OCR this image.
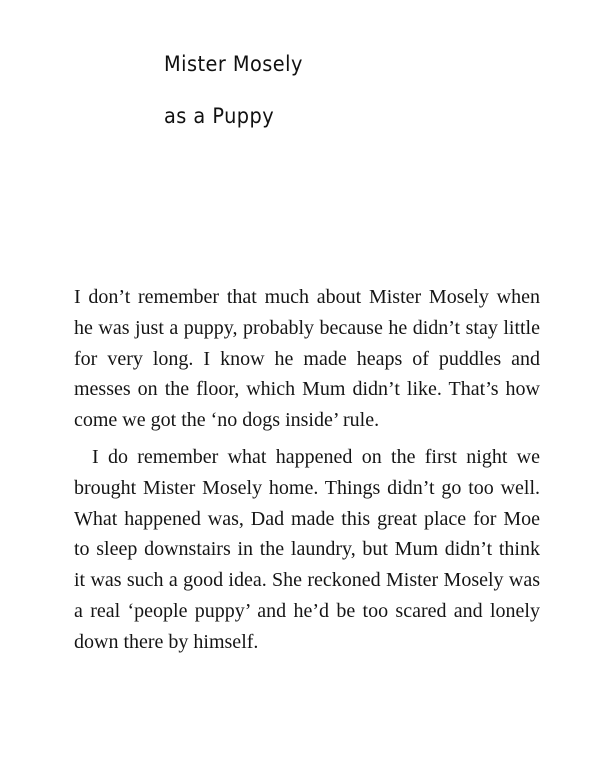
Mister Mosely
as a Puppy

I don’t remember that much about Mister Mosely when he was just a puppy, probably because he didn’t stay little for very long. I know he made heaps of puddles and messes on the floor, which Mum didn’t like. That’s how come we got the ‘no dogs inside’ rule.

I do remember what happened on the first night we brought Mister Mosely home. Things didn’t go too well. What happened was, Dad made this great place for Moe to sleep downstairs in the laundry, but Mum didn’t think it was such a good idea. She reckoned Mister Mosely was a real ‘people puppy’ and he’d be too scared and lonely down there by himself.
